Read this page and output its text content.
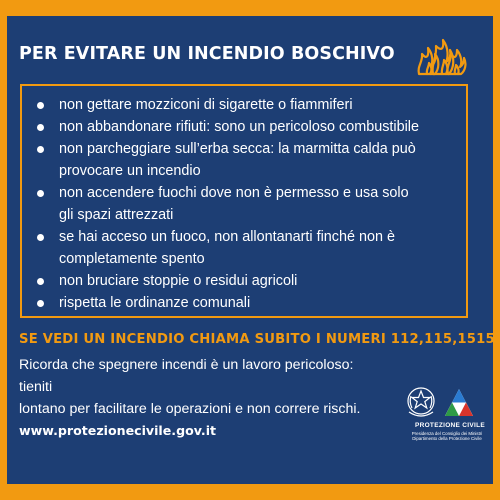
PER EVITARE UN INCENDIO BOSCHIVO
non gettare mozziconi di sigarette o fiammiferi
non abbandonare rifiuti: sono un pericoloso combustibile
non parcheggiare sull’erba secca: la marmitta calda può
provocare un incendio
non accendere fuochi dove non è permesso e usa solo
gli spazi attrezzati
se hai acceso un fuoco, non allontanarti finché non è
completamente spento
non bruciare stoppie o residui agricoli
rispetta le ordinanze comunali
SE VEDI UN INCENDIO CHIAMA SUBITO I NUMERI 112,115,1515
Ricorda che spegnere incendi è un lavoro pericoloso: tieniti
lontano per facilitare le operazioni e non correre rischi.
www.protezionecivile.gov.it	PROTEZIONE CIVILE
Presidenza del Consiglio dei Ministri
Dipartimento della Protezione Civile
